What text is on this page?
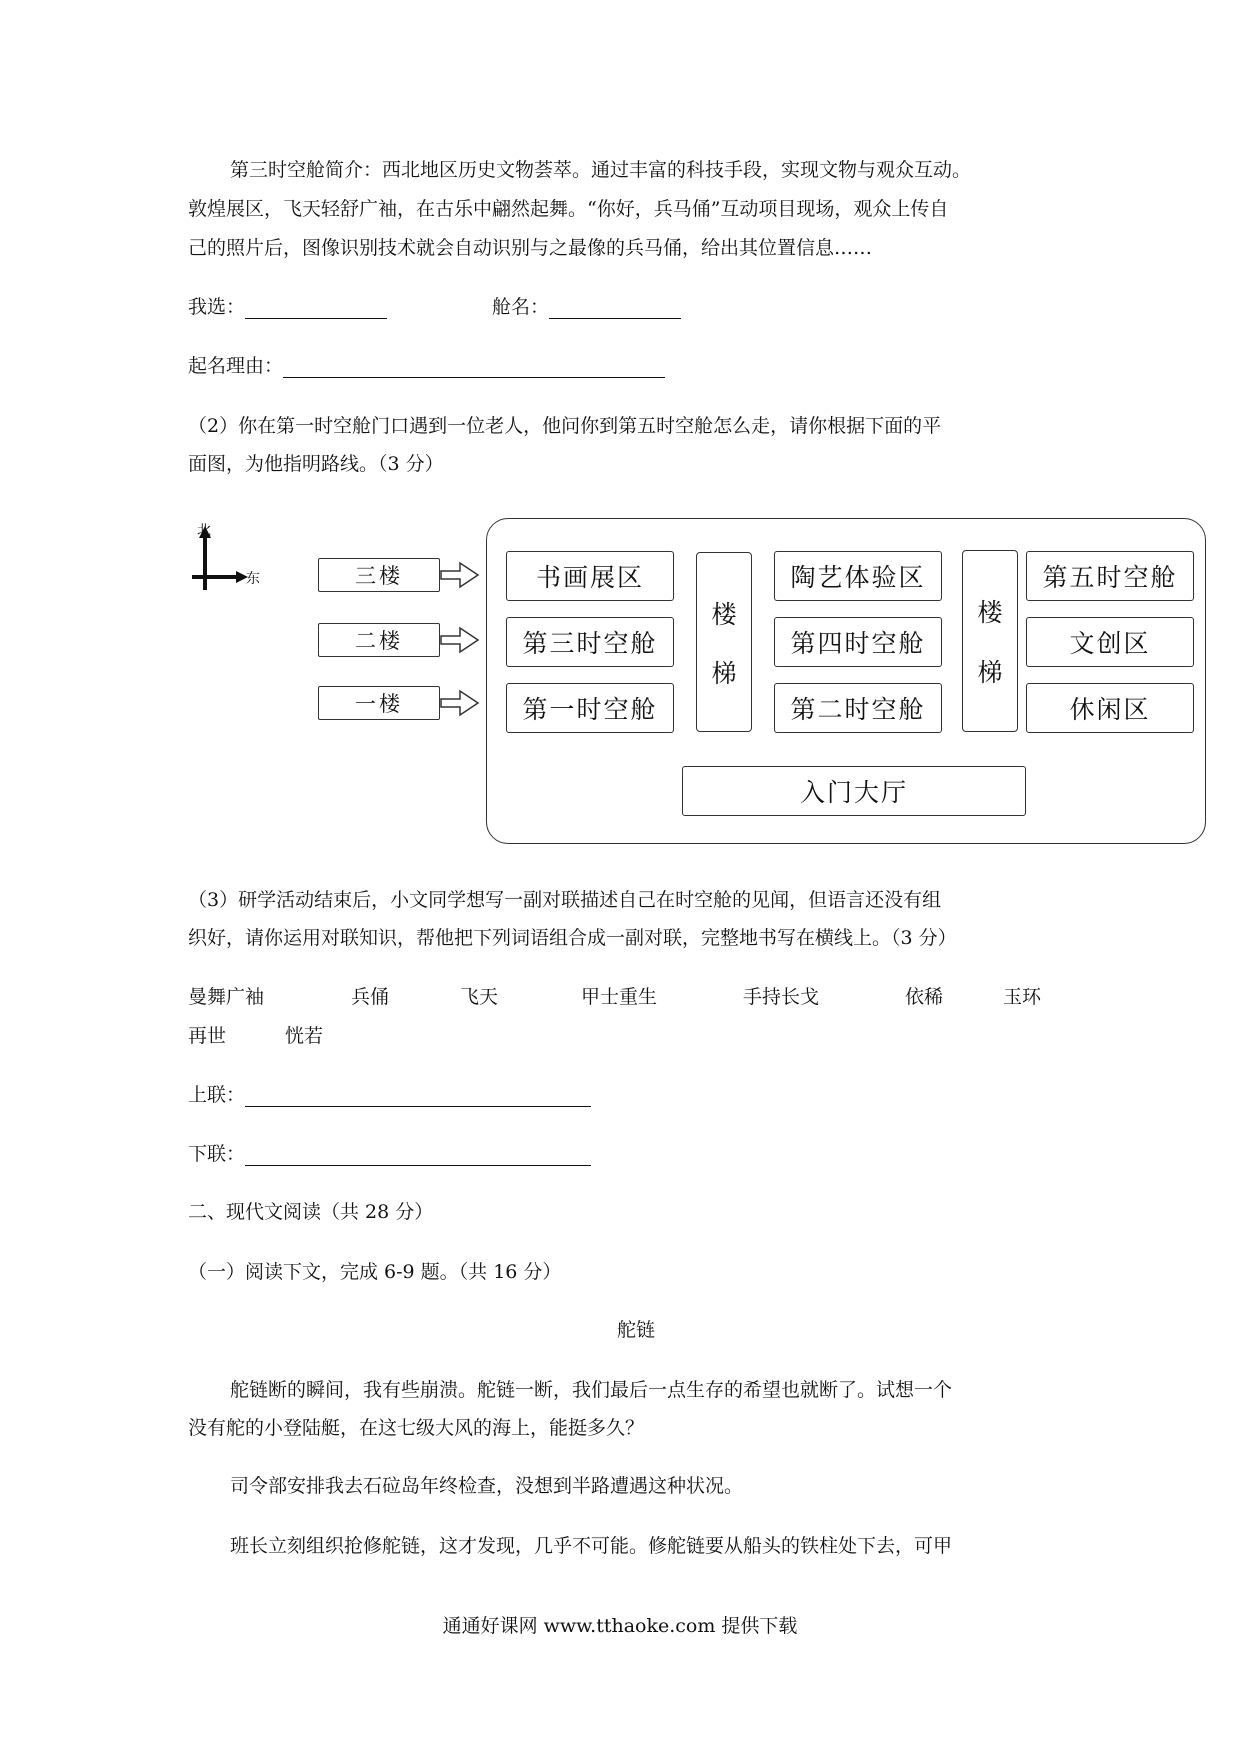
第三时空舱简介：西北地区历史文物荟萃。通过丰富的科技手段，实现文物与观众互动。
敦煌展区，飞天轻舒广袖，在古乐中翩然起舞。“你好，兵马俑”互动项目现场，观众上传自
己的照片后，图像识别技术就会自动识别与之最像的兵马俑，给出其位置信息……
我选：	舱名：
起名理由：
（2）你在第一时空舱门口遇到一位老人，他问你到第五时空舱怎么走，请你根据下面的平
面图，为他指明路线。（3 分）
北
东	三楼
二楼
一楼
书画展区
第三时空舱
第一时空舱
楼
梯
陶艺体验区
第四时空舱
第二时空舱
楼
梯
第五时空舱
文创区
休闲区
入门大厅
（3）研学活动结束后，小文同学想写一副对联描述自己在时空舱的见闻，但语言还没有组
织好，请你运用对联知识，帮他把下列词语组合成一副对联，完整地书写在横线上。（3 分）
曼舞广袖	兵俑	飞天	甲士重生	手持长戈	依稀	玉环
再世	恍若
上联：
下联：
二、现代文阅读（共 28 分）
（一）阅读下文，完成 6-9 题。（共 16 分）
舵链
舵链断的瞬间，我有些崩溃。舵链一断，我们最后一点生存的希望也就断了。试想一个
没有舵的小登陆艇，在这七级大风的海上，能挺多久？
司令部安排我去石砬岛年终检查，没想到半路遭遇这种状况。
班长立刻组织抢修舵链，这才发现，几乎不可能。修舵链要从船头的铁柱处下去，可甲
通通好课网 www.tthaoke.com 提供下载
